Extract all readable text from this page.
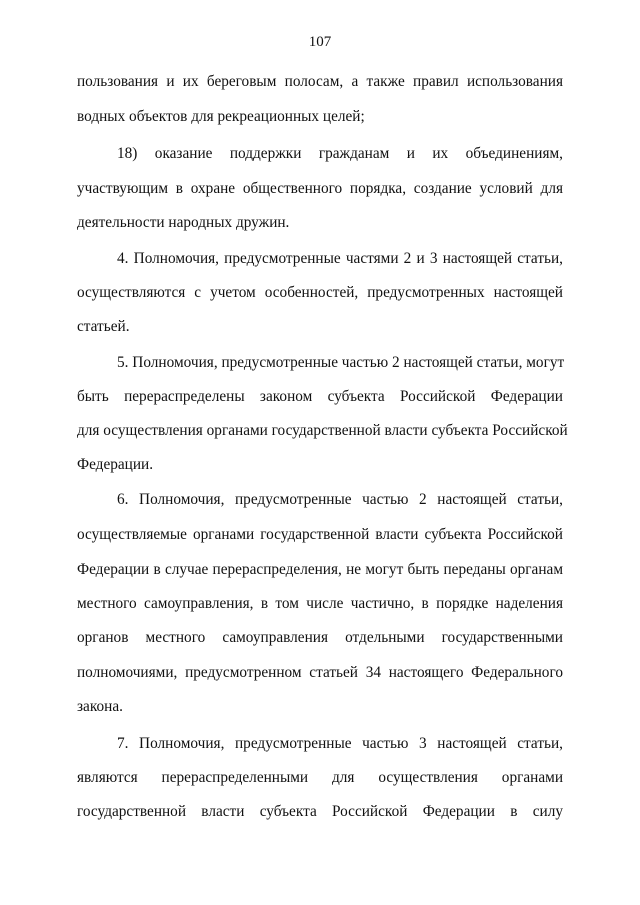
107
пользования и их береговым полосам, а также правил использования
водных объектов для рекреационных целей;
18) оказание поддержки гражданам и их объединениям,
участвующим в охране общественного порядка, создание условий для
деятельности народных дружин.
4. Полномочия, предусмотренные частями 2 и 3 настоящей статьи,
осуществляются с учетом особенностей, предусмотренных настоящей
статьей.
5. Полномочия, предусмотренные частью 2 настоящей статьи, могут
быть перераспределены законом субъекта Российской Федерации
для осуществления органами государственной власти субъекта Российской
Федерации.
6. Полномочия, предусмотренные частью 2 настоящей статьи,
осуществляемые органами государственной власти субъекта Российской
Федерации в случае перераспределения, не могут быть переданы органам
местного самоуправления, в том числе частично, в порядке наделения
органов местного самоуправления отдельными государственными
полномочиями, предусмотренном статьей 34 настоящего Федерального
закона.
7. Полномочия, предусмотренные частью 3 настоящей статьи,
являются перераспределенными для осуществления органами
государственной власти субъекта Российской Федерации в силу
